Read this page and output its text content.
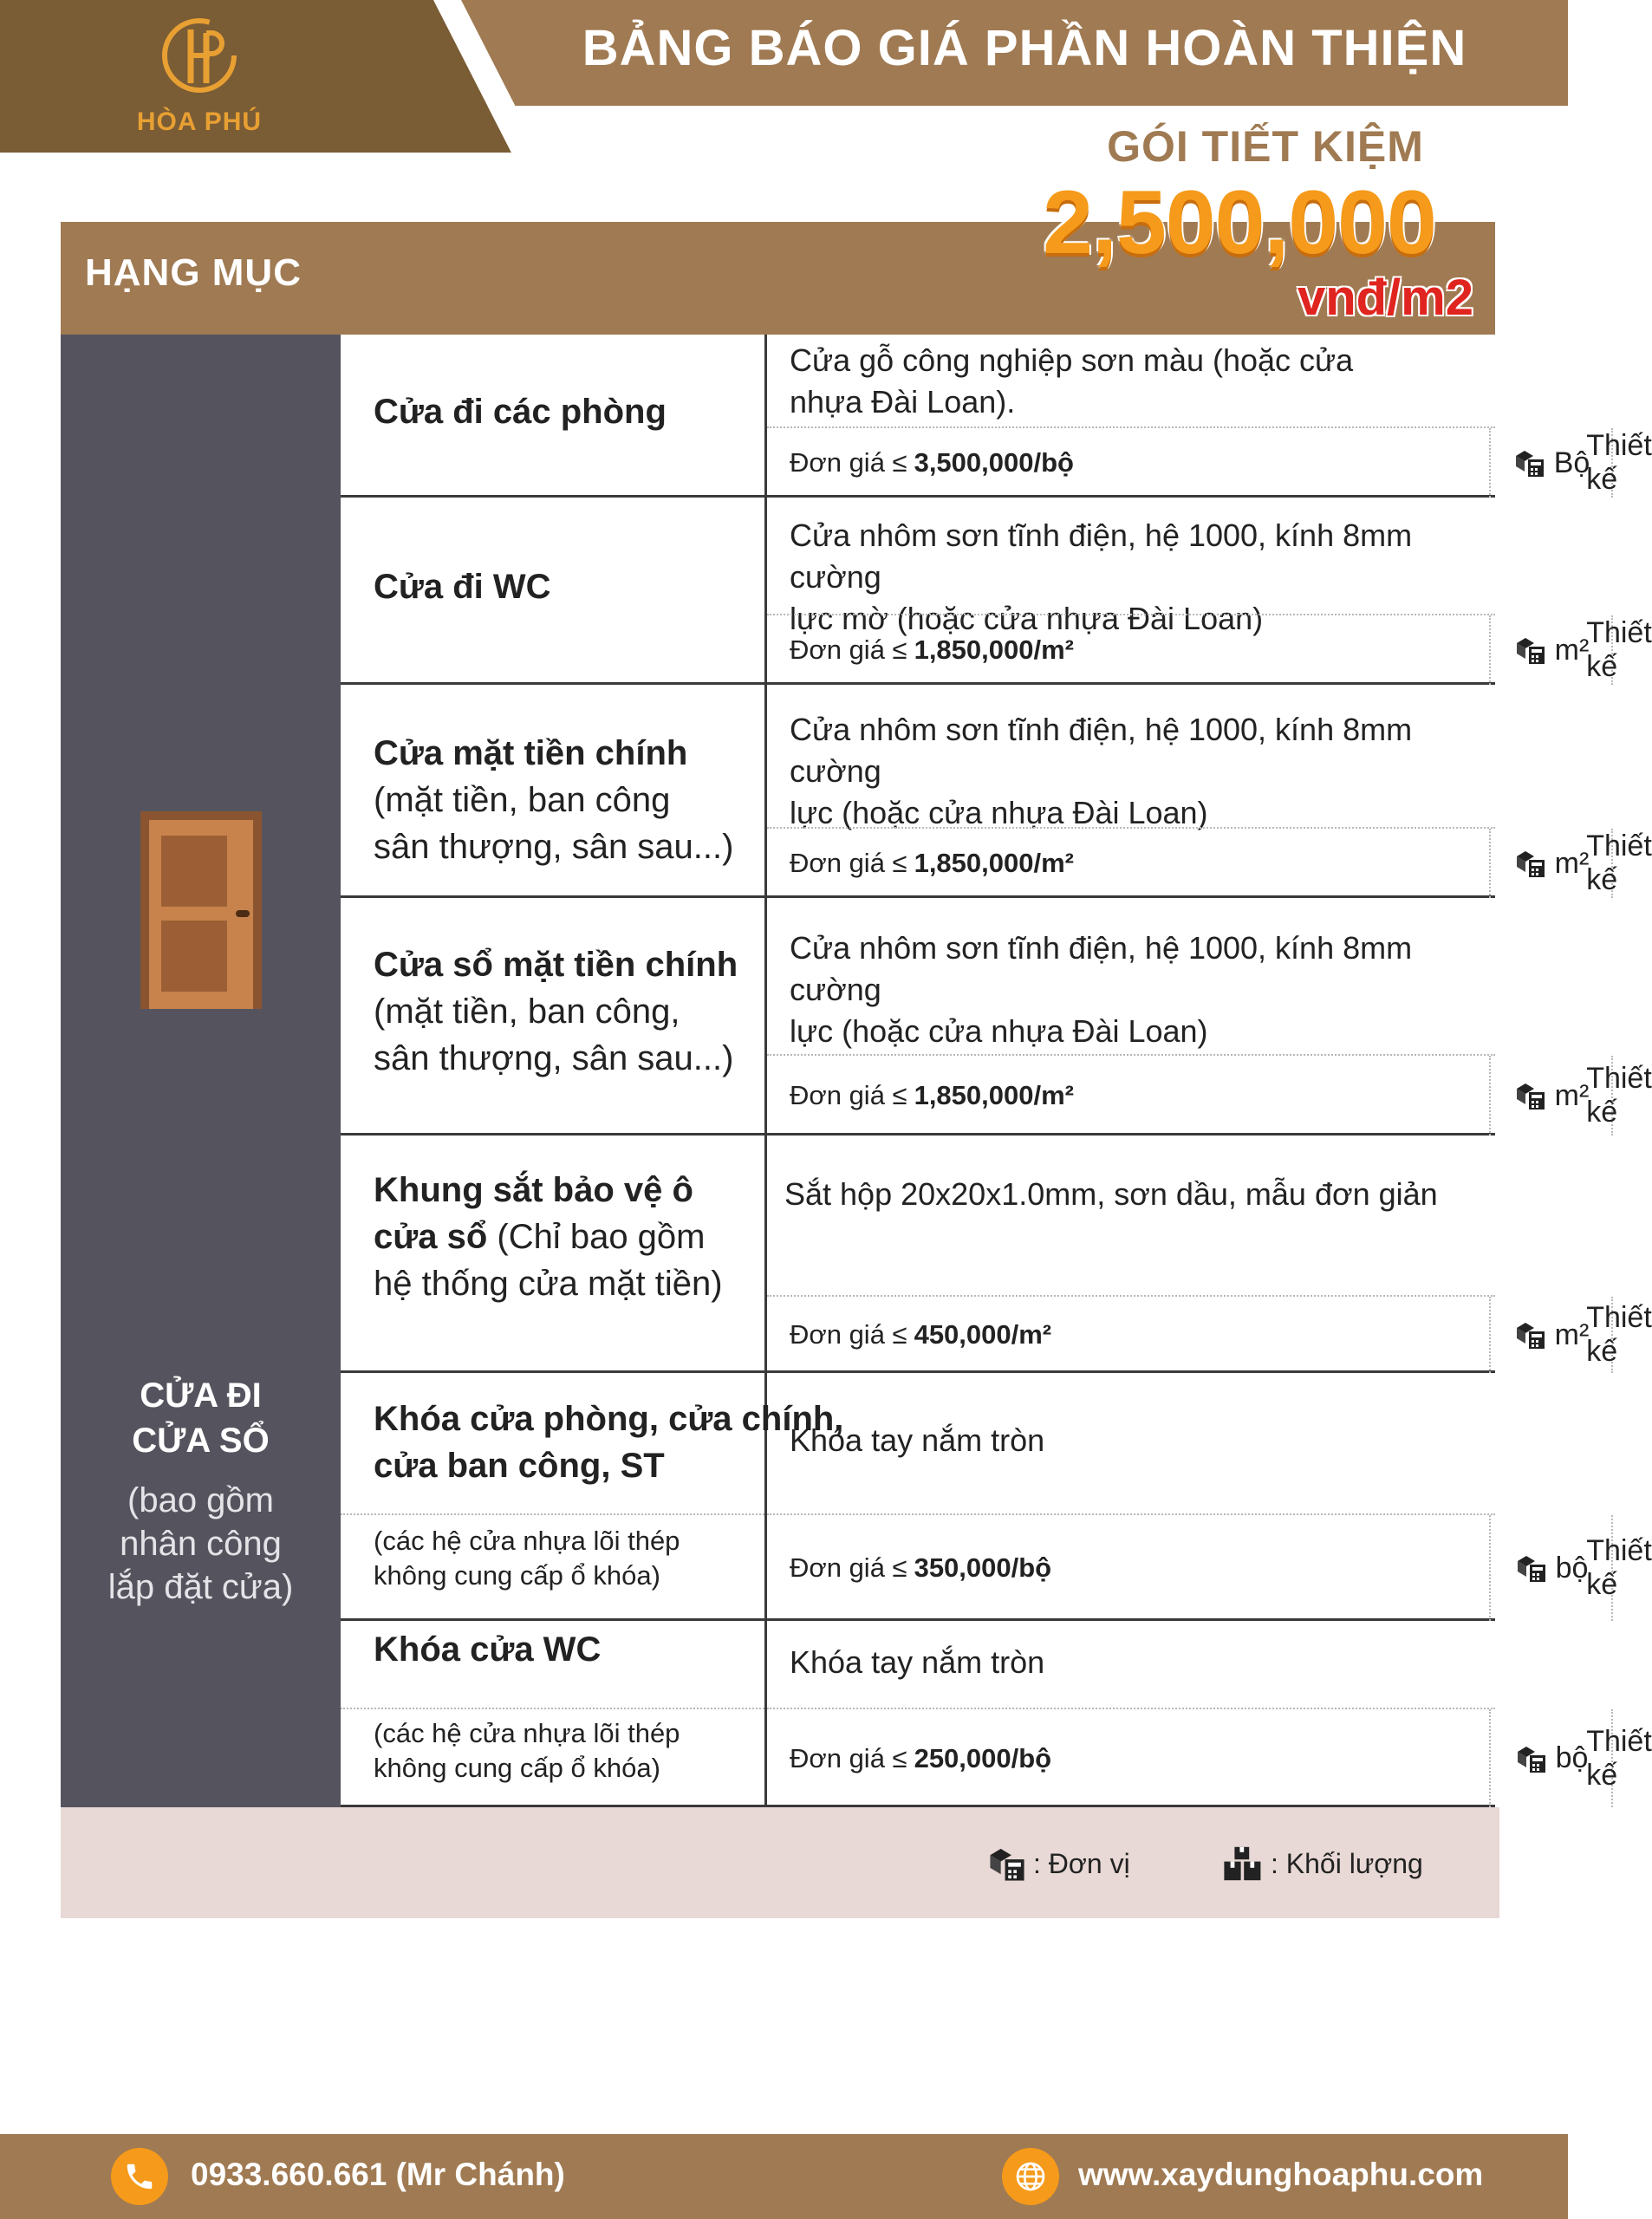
HÒA PHÚ
BẢNG BÁO GIÁ PHẦN HOÀN THIỆN
GÓI TIẾT KIỆM
HẠNG MỤC	2,500,000
vnđ/m2
CỬA ĐI
CỬA SỔ
(bao gồm
nhân công
lắp đặt cửa)
Cửa đi các phòng
Cửa gỗ công nghiệp sơn màu (hoặc cửa
nhựa Đài Loan).
Đơn giá ≤ 3,500,000/bộ	Bộ
Thiết kế
Cửa đi WC
Cửa nhôm sơn tĩnh điện, hệ 1000, kính 8mm cường
lực mờ (hoặc cửa nhựa Đài Loan)
Đơn giá ≤ 1,850,000/m²	m²
Thiết kế
Cửa mặt tiền chính
(mặt tiền, ban công
sân thượng, sân sau...)
Cửa nhôm sơn tĩnh điện, hệ 1000, kính 8mm cường
lực (hoặc cửa nhựa Đài Loan)
Đơn giá ≤ 1,850,000/m²	m²
Thiết kế
Cửa sổ mặt tiền chính
(mặt tiền, ban công,
sân thượng, sân sau...)
Cửa nhôm sơn tĩnh điện, hệ 1000, kính 8mm cường
lực (hoặc cửa nhựa Đài Loan)
Đơn giá ≤ 1,850,000/m²	m²
Thiết kế
Khung sắt bảo vệ ô
cửa sổ (Chỉ bao gồm
hệ thống cửa mặt tiền)
Sắt hộp 20x20x1.0mm, sơn dầu, mẫu đơn giản
Đơn giá ≤ 450,000/m²	m²
Thiết kế
Khóa cửa phòng, cửa chính,
cửa ban công, ST
(các hệ cửa nhựa lõi thép
không cung cấp ổ khóa)
Khóa tay nắm tròn
Đơn giá ≤ 350,000/bộ	bộ
Thiết kế
Khóa cửa WC
(các hệ cửa nhựa lõi thép
không cung cấp ổ khóa)
Khóa tay nắm tròn
Đơn giá ≤ 250,000/bộ	bộ
Thiết kế
: Đơn vị	: Khối lượng
0933.660.661 (Mr Chánh)	www.xaydunghoaphu.com
